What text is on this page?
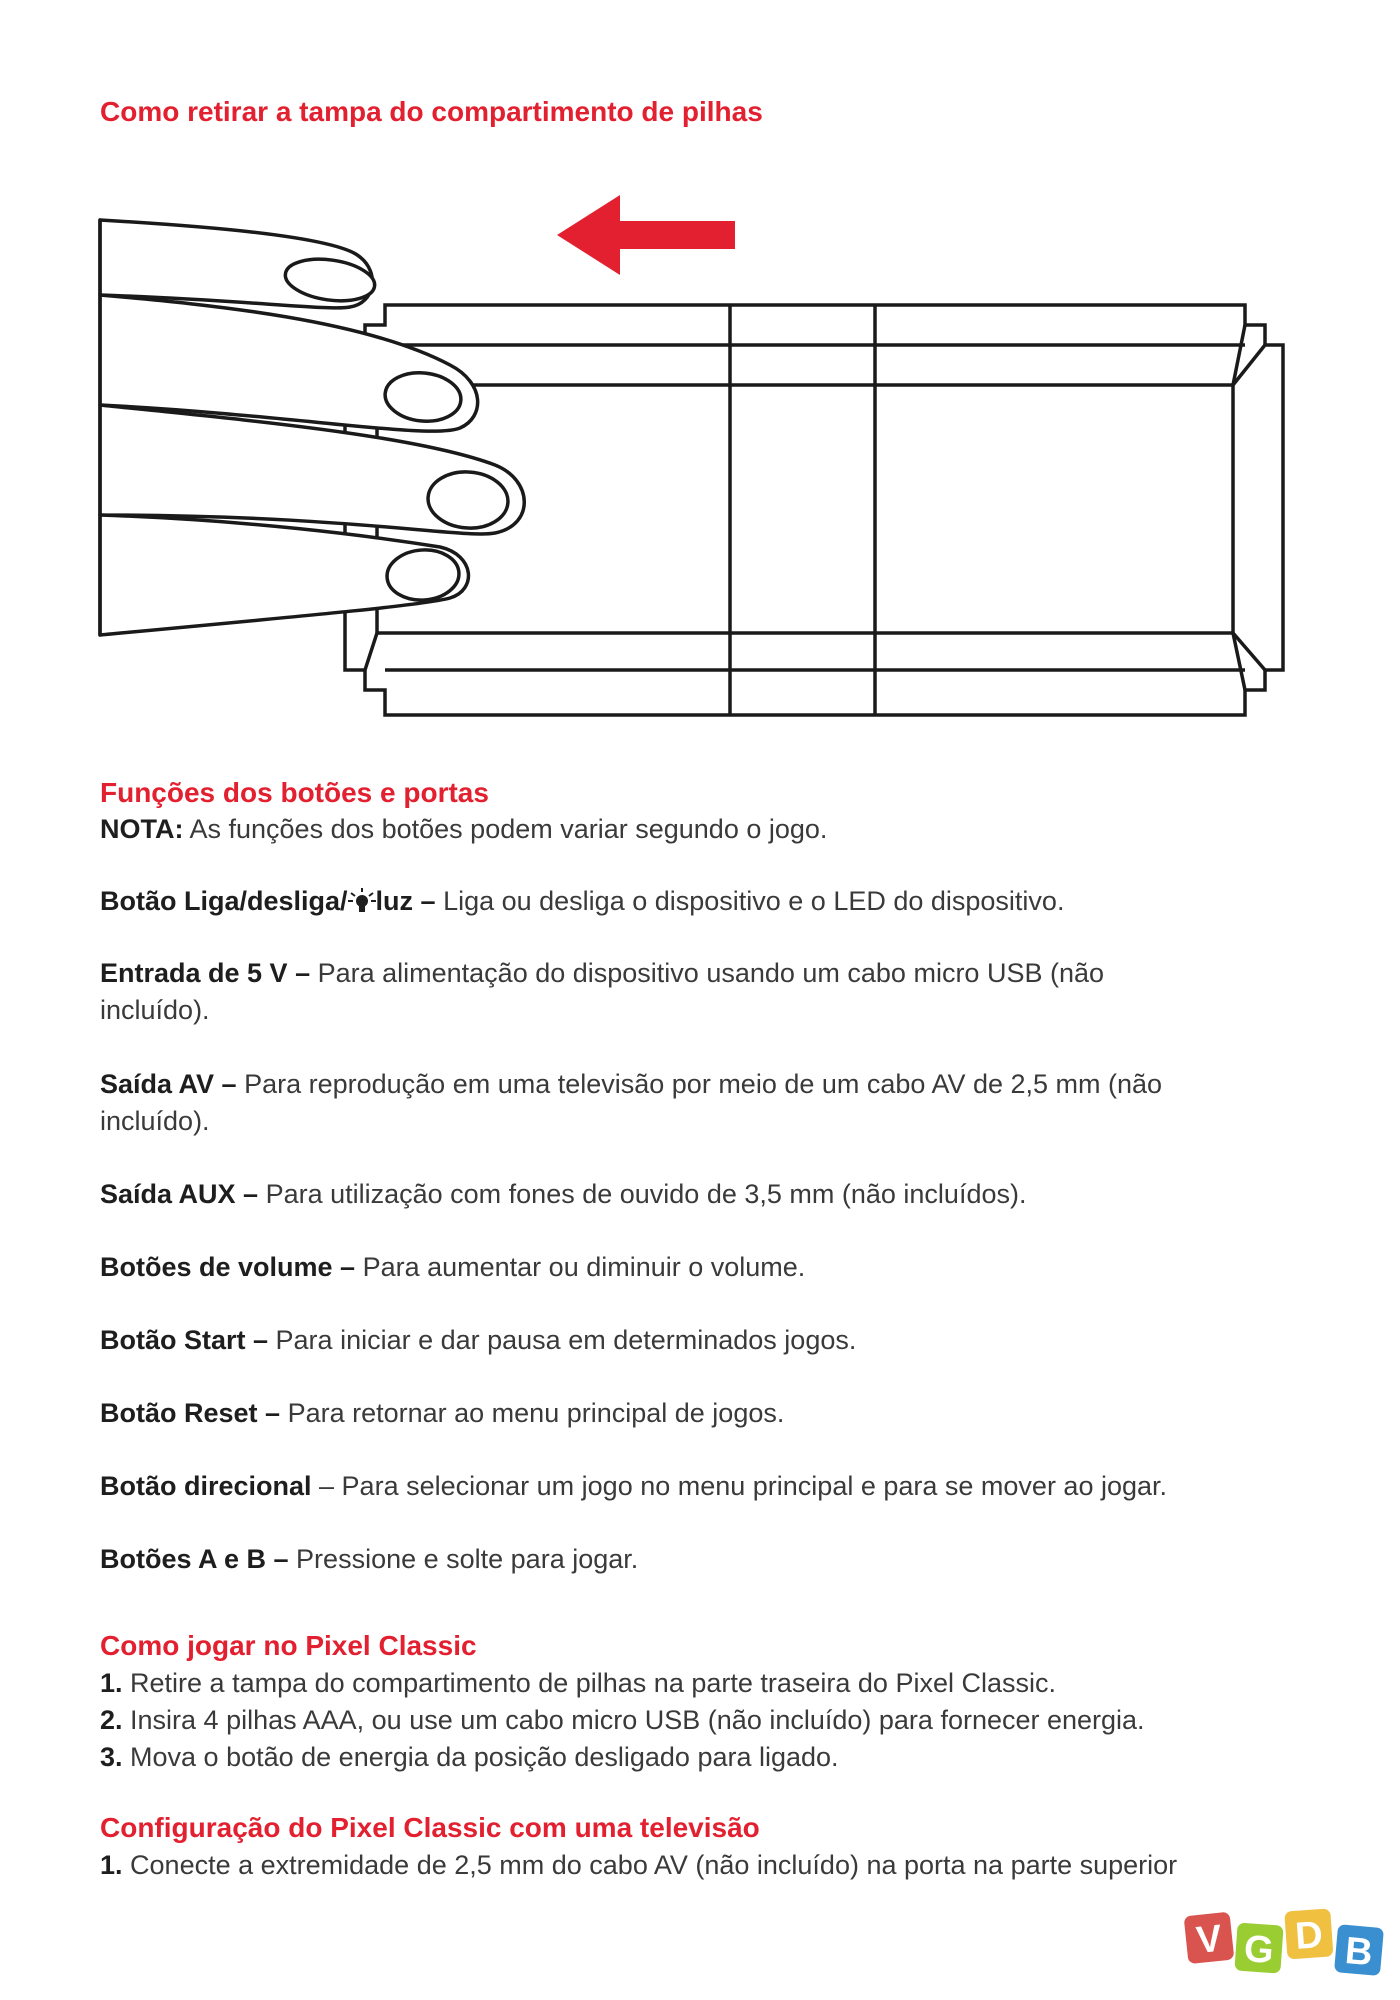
Como retirar a tampa do compartimento de pilhas
Funções dos botões e portas

NOTA: As funções dos botões podem variar segundo o jogo.

Botão Liga/desliga/ luz – Liga ou desliga o dispositivo e o LED do dispositivo.

Entrada de 5 V – Para alimentação do dispositivo usando um cabo micro USB (não incluído).

Saída AV – Para reprodução em uma televisão por meio de um cabo AV de 2,5 mm (não incluído).

Saída AUX – Para utilização com fones de ouvido de 3,5 mm (não incluídos).

Botões de volume – Para aumentar ou diminuir o volume.

Botão Start – Para iniciar e dar pausa em determinados jogos.

Botão Reset – Para retornar ao menu principal de jogos.

Botão direcional – Para selecionar um jogo no menu principal e para se mover ao jogar.

Botões A e B – Pressione e solte para jogar.

Como jogar no Pixel Classic
1. Retire a tampa do compartimento de pilhas na parte traseira do Pixel Classic.
2. Insira 4 pilhas AAA, ou use um cabo micro USB (não incluído) para fornecer energia.
3. Mova o botão de energia da posição desligado para ligado.
Configuração do Pixel Classic com uma televisão
1. Conecte a extremidade de 2,5 mm do cabo AV (não incluído) na porta na parte superior
V G D B
